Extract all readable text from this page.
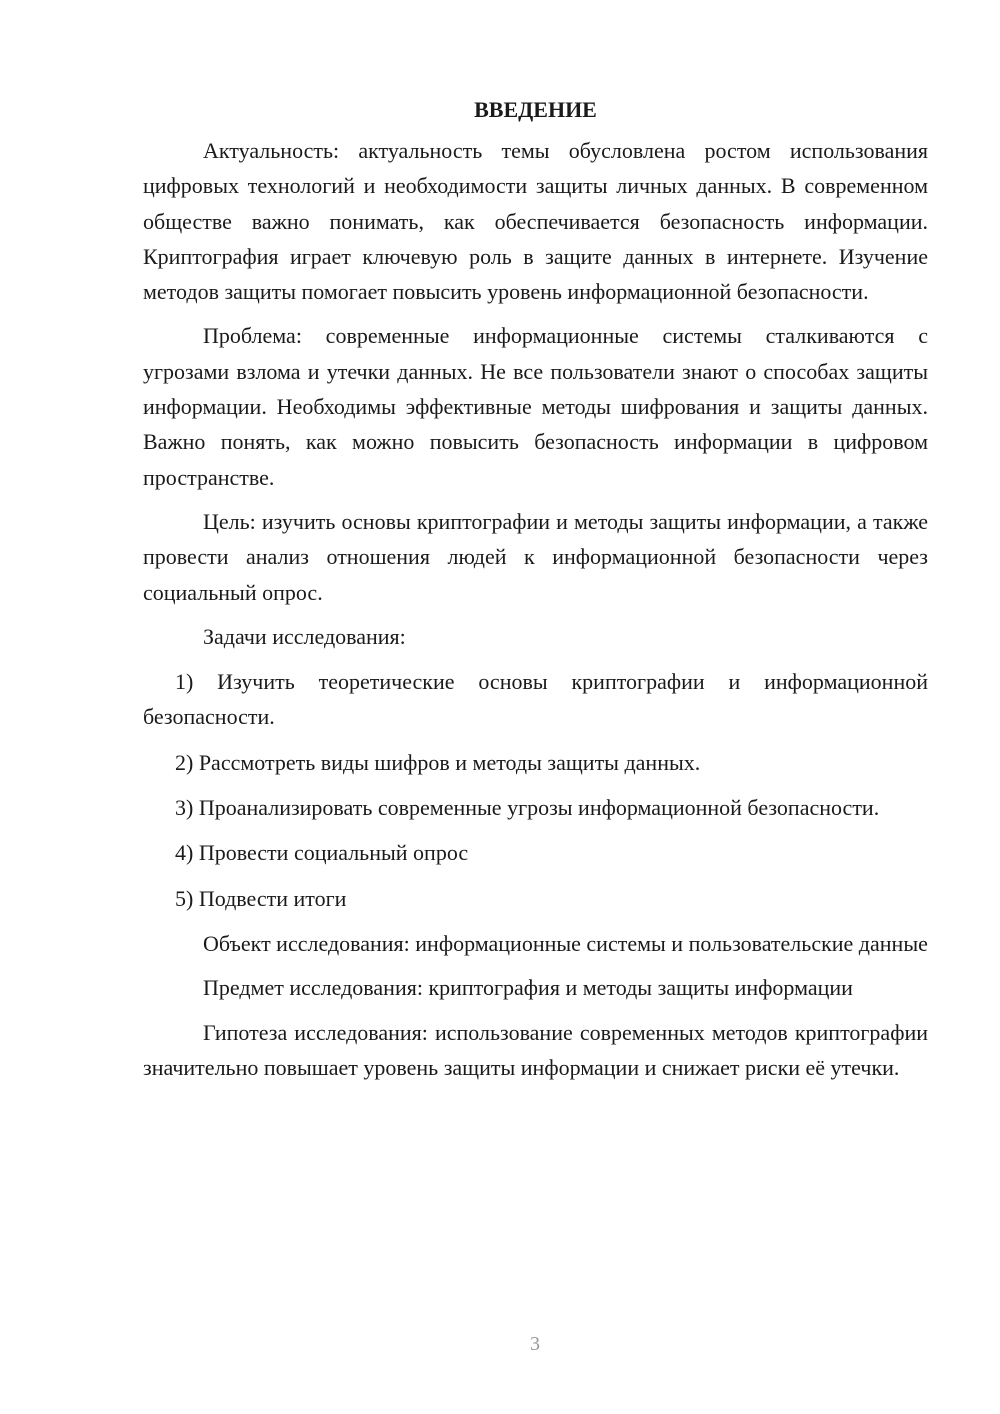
ВВЕДЕНИЕ

Актуальность: актуальность темы обусловлена ростом использования цифровых технологий и необходимости защиты личных данных. В современном обществе важно понимать, как обеспечивается безопасность информации. Криптография играет ключевую роль в защите данных в интернете. Изучение методов защиты помогает повысить уровень информационной безопасности.

Проблема: современные информационные системы сталкиваются с угрозами взлома и утечки данных. Не все пользователи знают о способах защиты информации. Необходимы эффективные методы шифрования и защиты данных. Важно понять, как можно повысить безопасность информации в цифровом пространстве.

Цель: изучить основы криптографии и методы защиты информации, а также провести анализ отношения людей к информационной безопасности через социальный опрос.

Задачи исследования:

1) Изучить теоретические основы криптографии и информационной безопасности.

2) Рассмотреть виды шифров и методы защиты данных.

3) Проанализировать современные угрозы информационной безопасности.

4) Провести социальный опрос

5) Подвести итоги

Объект исследования: информационные системы и пользовательские данные

Предмет исследования: криптография и методы защиты информации

Гипотеза исследования: использование современных методов криптографии значительно повышает уровень защиты информации и снижает риски её утечки.

3
